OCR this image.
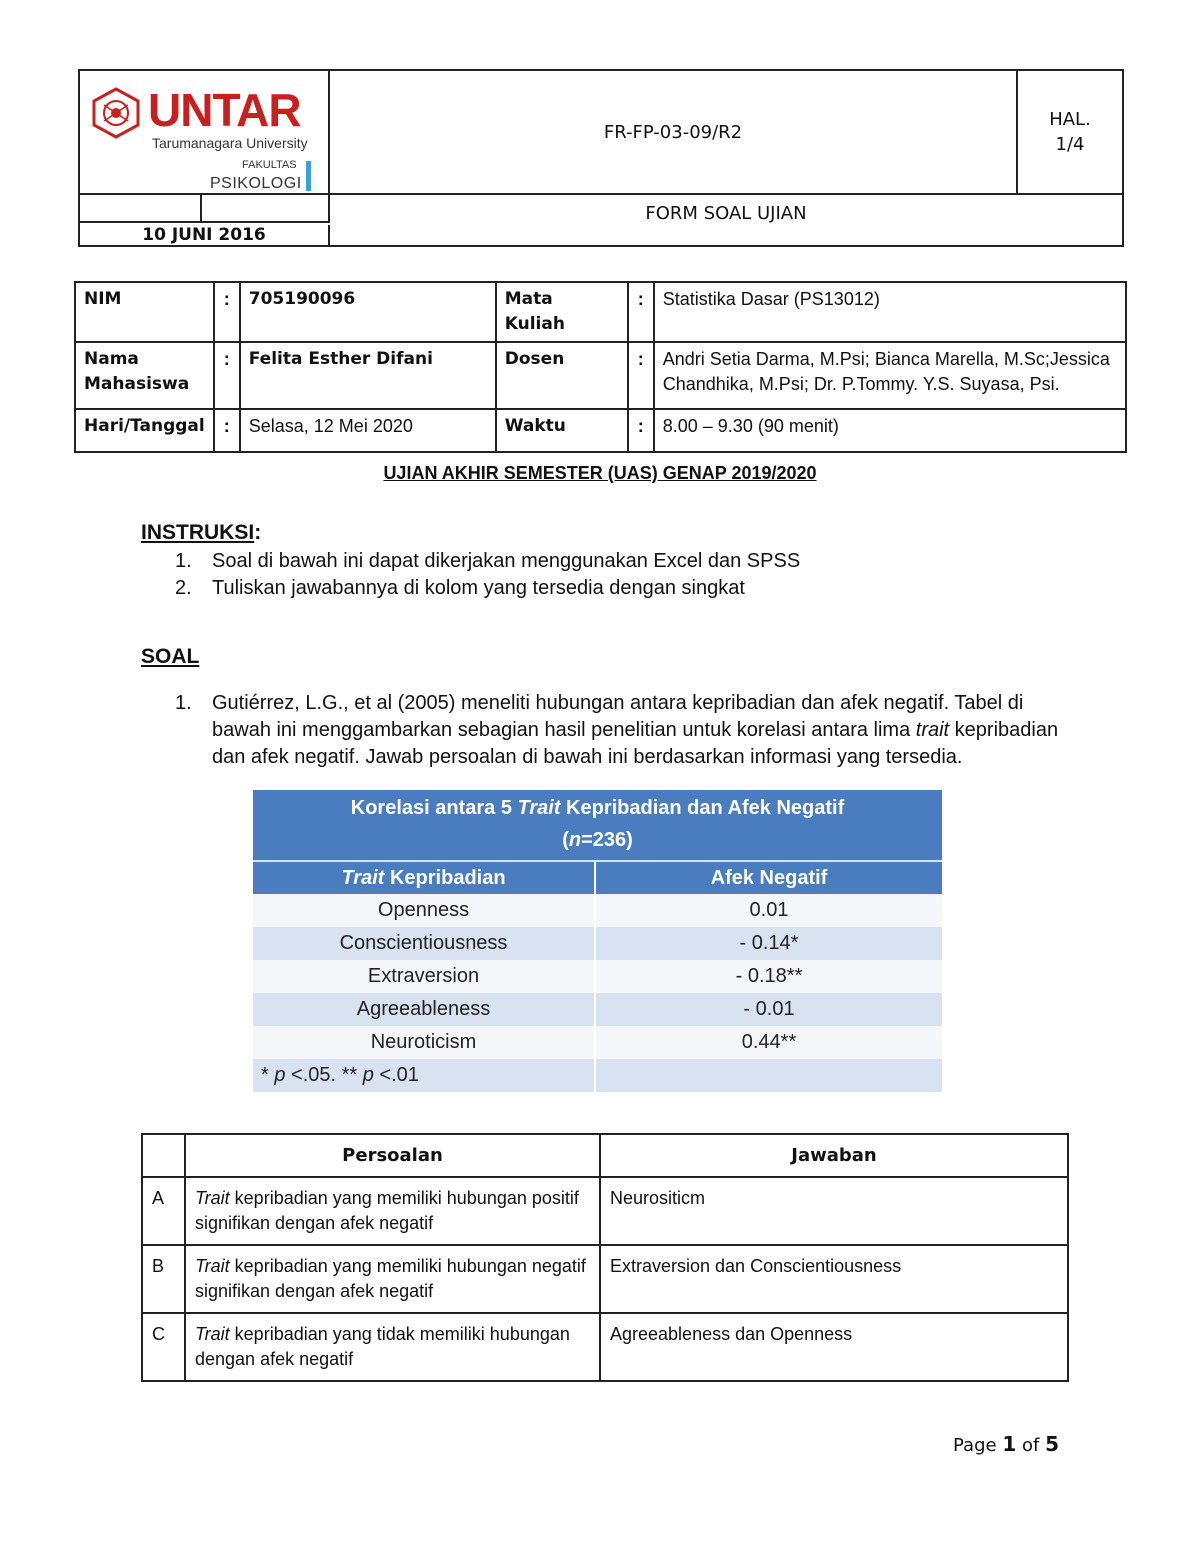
UNTAR
Tarumanagara University
FAKULTAS
PSIKOLOGI
FR-FP-03-09/R2
HAL.
1/4
10 JUNI 2016
FORM SOAL UJIAN
NIM	:	705190096	Mata Kuliah	:	Statistika Dasar (PS13012)
Nama Mahasiswa	:	Felita Esther Difani	Dosen	:	Andri Setia Darma, M.Psi; Bianca Marella, M.Sc;Jessica Chandhika, M.Psi; Dr. P.Tommy. Y.S. Suyasa, Psi.
Hari/Tanggal	:	Selasa, 12 Mei 2020	Waktu	:	8.00 – 9.30 (90 menit)
UJIAN AKHIR SEMESTER (UAS) GENAP 2019/2020
INSTRUKSI:
1. Soal di bawah ini dapat dikerjakan menggunakan Excel dan SPSS
2. Tuliskan jawabannya di kolom yang tersedia dengan singkat
SOAL
1. Gutiérrez, L.G., et al (2005) meneliti hubungan antara kepribadian dan afek negatif. Tabel di bawah ini menggambarkan sebagian hasil penelitian untuk korelasi antara lima trait kepribadian dan afek negatif. Jawab persoalan di bawah ini berdasarkan informasi yang tersedia.
Korelasi antara 5 Trait Kepribadian dan Afek Negatif
(n=236)	

Trait Kepribadian	Afek Negatif
Openness	0.01
Conscientiousness	- 0.14*
Extraversion	- 0.18**
Agreeableness	- 0.01
Neuroticism	0.44**
* p <.05. ** p <.01	
	Persoalan	Jawaban
A	Trait kepribadian yang memiliki hubungan positif signifikan dengan afek negatif	Neurositicm
B	Trait kepribadian yang memiliki hubungan negatif signifikan dengan afek negatif	Extraversion dan Conscientiousness
C	Trait kepribadian yang tidak memiliki hubungan dengan afek negatif	Agreeableness dan Openness
Page 1 of 5
